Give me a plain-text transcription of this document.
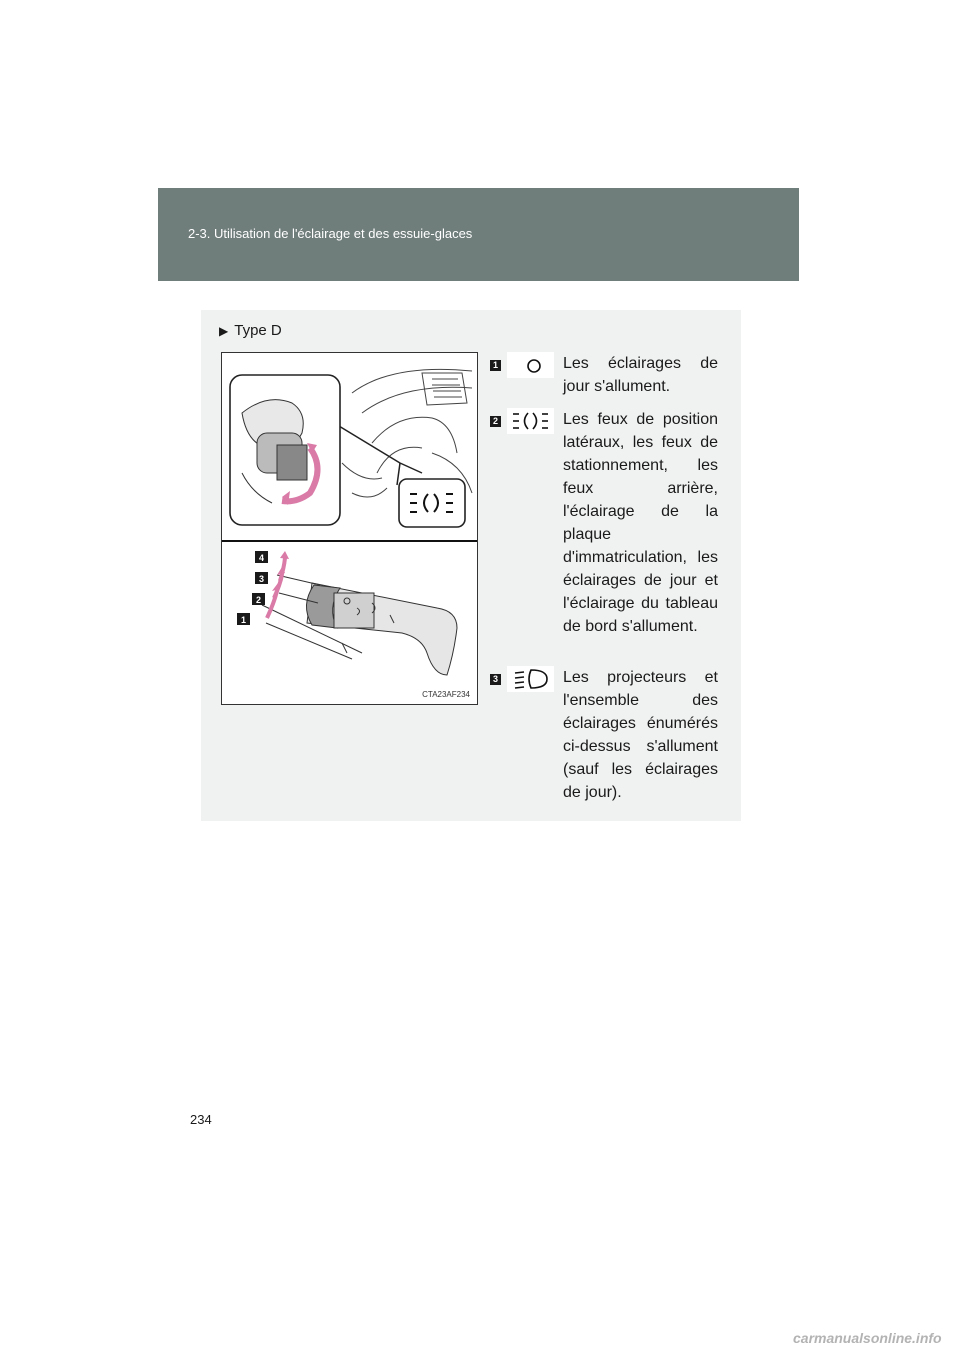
2-3. Utilisation de l'éclairage et des essuie-glaces
▶ Type D
4
3
2
1
CTA23AF234
1	Les éclairages de jour s'allument.
2	Les feux de position latéraux, les feux de stationnement, les feux arrière, l'éclairage de la plaque d'immatriculation, les éclairages de jour et l'éclairage du tableau de bord s'allument.
3	Les projecteurs et l'ensemble des éclairages énumérés ci-dessus s'allument (sauf les éclairages de jour).
234
carmanualsonline.info
